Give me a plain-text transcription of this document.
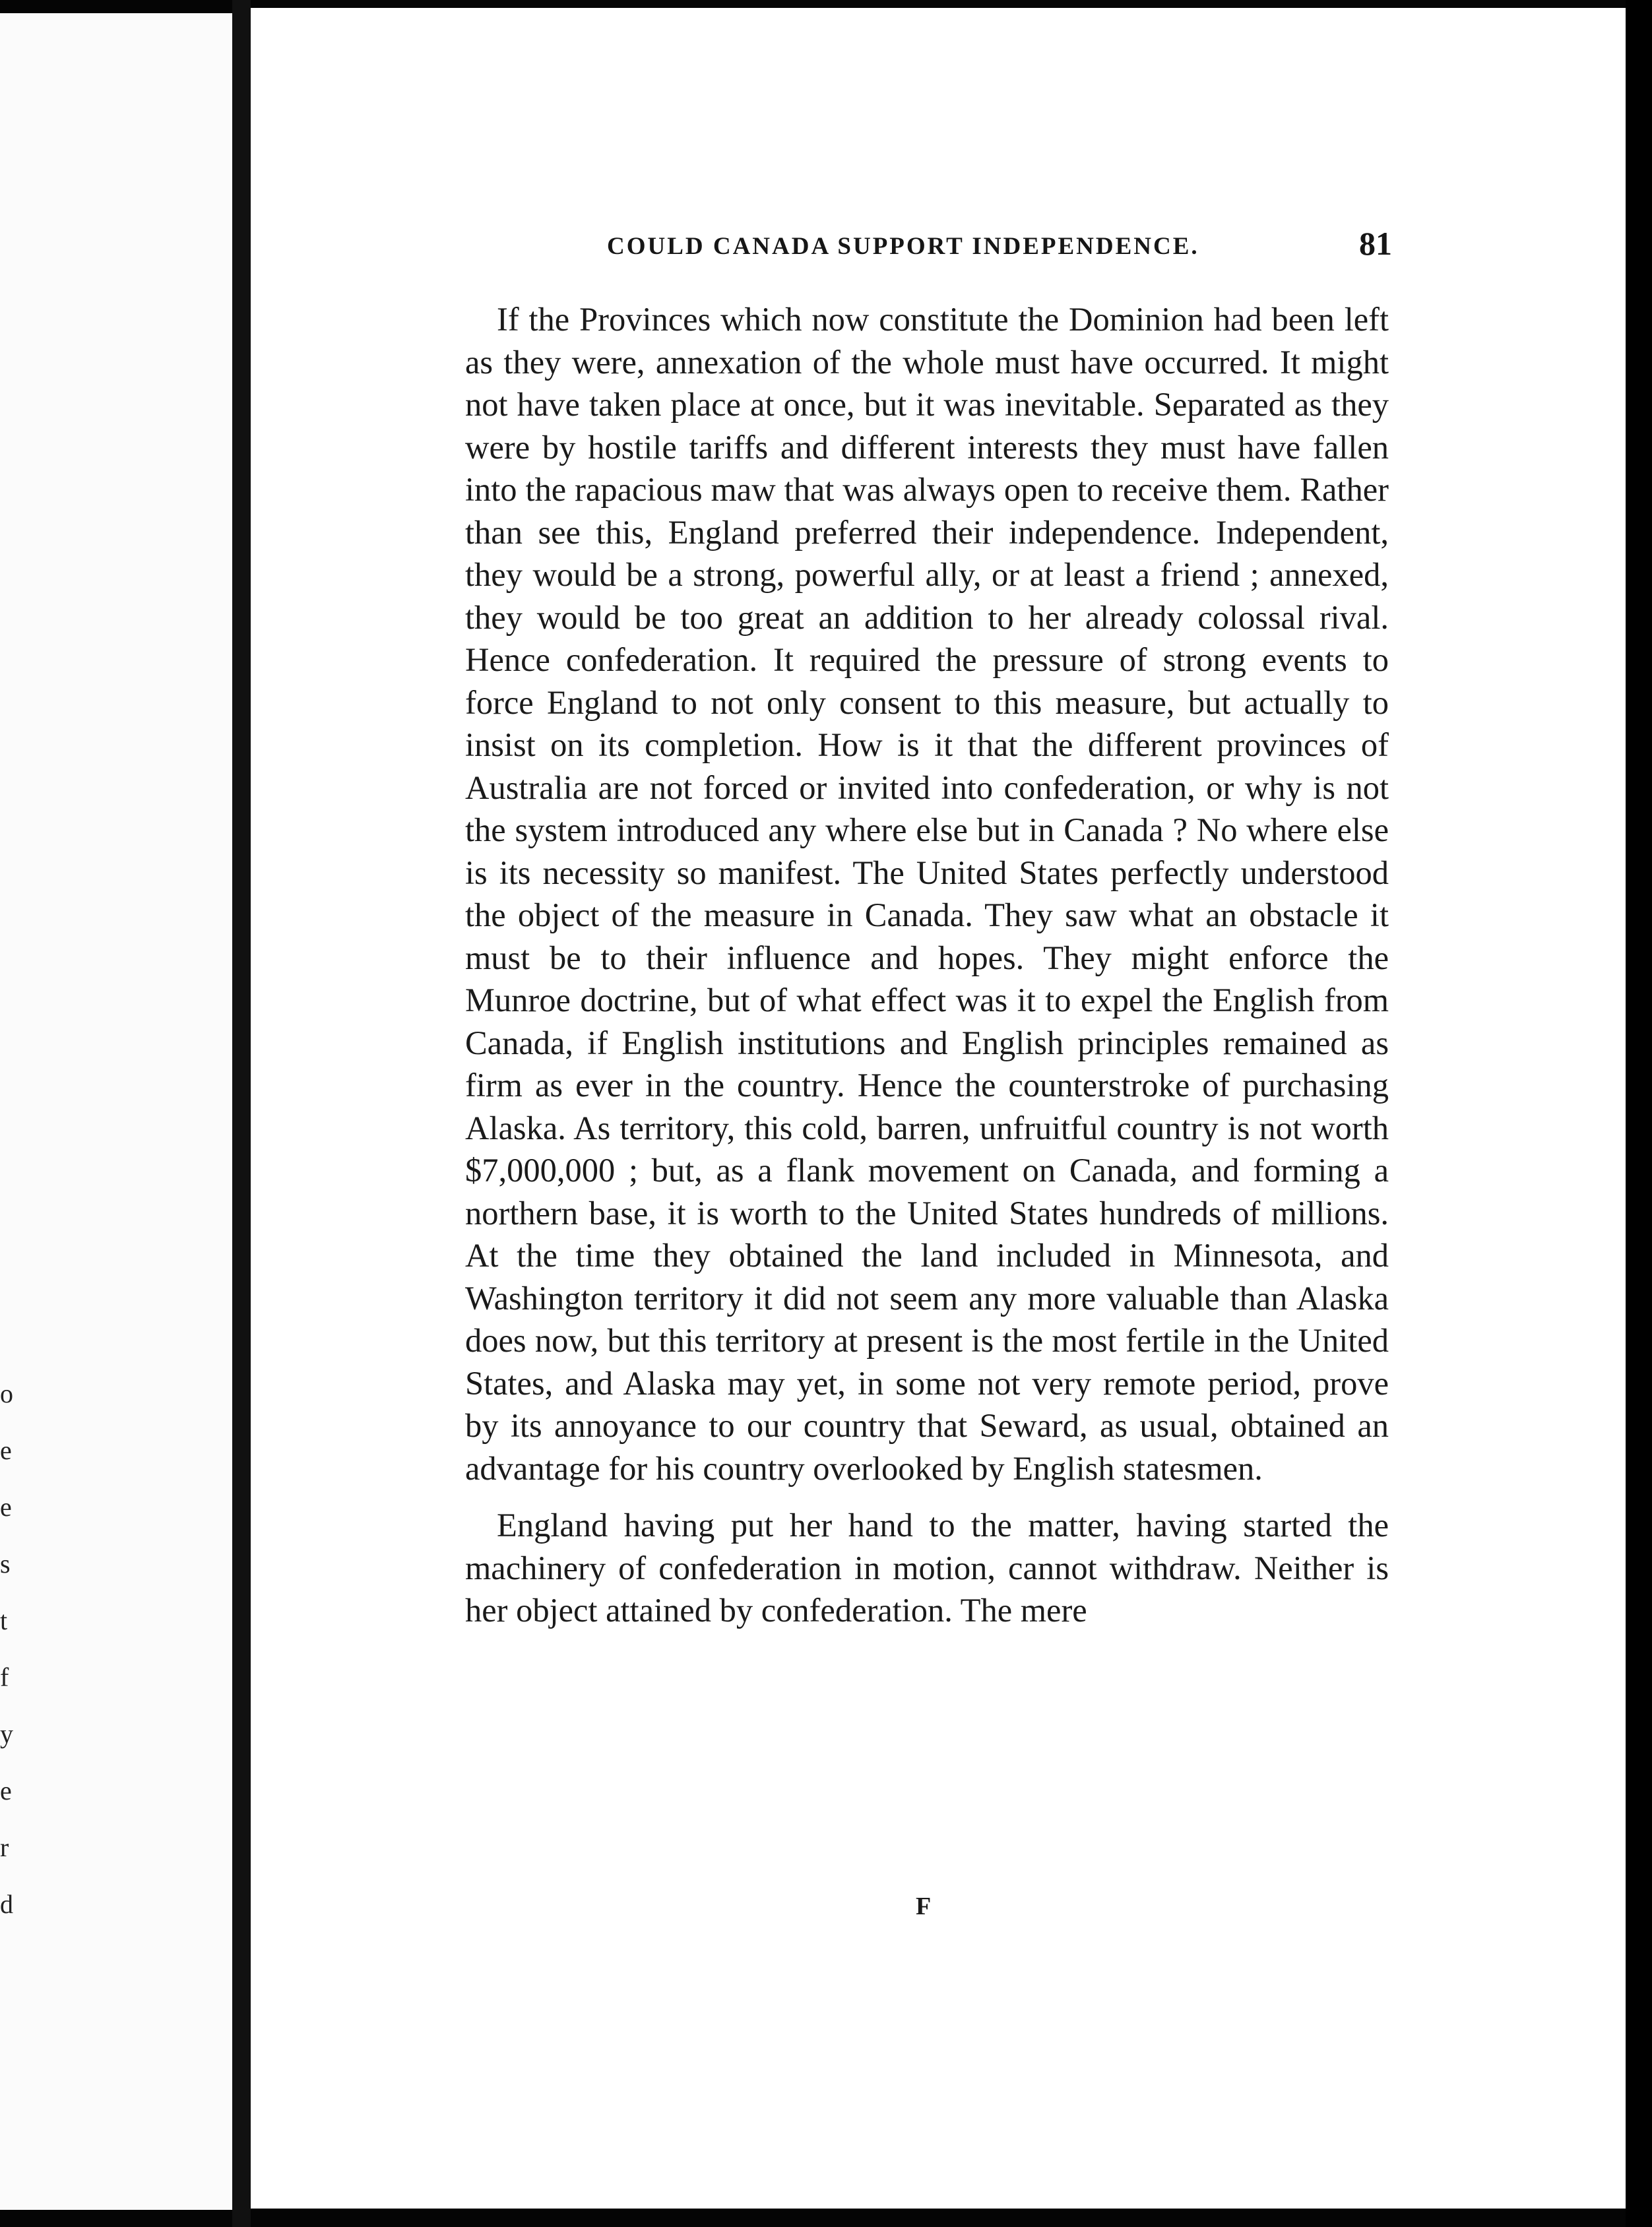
o
e
e
s
t
f
y
e
r
d
COULD CANADA SUPPORT INDEPENDENCE.	81

If the Provinces which now constitute the Dominion had been left as they were, annexation of the whole must have occurred. It might not have taken place at once, but it was inevitable. Separated as they were by hostile tariffs and different interests they must have fallen into the rapacious maw that was always open to receive them. Rather than see this, England preferred their independence. Independent, they would be a strong, powerful ally, or at least a friend ; annexed, they would be too great an addition to her already colossal rival. Hence confederation. It required the pressure of strong events to force England to not only consent to this measure, but actually to insist on its completion. How is it that the different provinces of Australia are not forced or invited into confederation, or why is not the system introduced any where else but in Canada ? No where else is its necessity so manifest. The United States perfectly understood the object of the measure in Canada. They saw what an obstacle it must be to their influence and hopes. They might enforce the Munroe doctrine, but of what effect was it to expel the English from Canada, if English institutions and English principles remained as firm as ever in the country. Hence the counterstroke of purchasing Alaska. As territory, this cold, barren, unfruitful country is not worth $7,000,000 ; but, as a flank movement on Canada, and forming a northern base, it is worth to the United States hundreds of millions. At the time they obtained the land included in Minnesota, and Washington territory it did not seem any more valuable than Alaska does now, but this territory at present is the most fertile in the United States, and Alaska may yet, in some not very remote period, prove by its annoyance to our country that Seward, as usual, obtained an advantage for his country overlooked by English statesmen.

England having put her hand to the matter, having started the machinery of confederation in motion, cannot withdraw. Neither is her object attained by confederation. The mere

F
